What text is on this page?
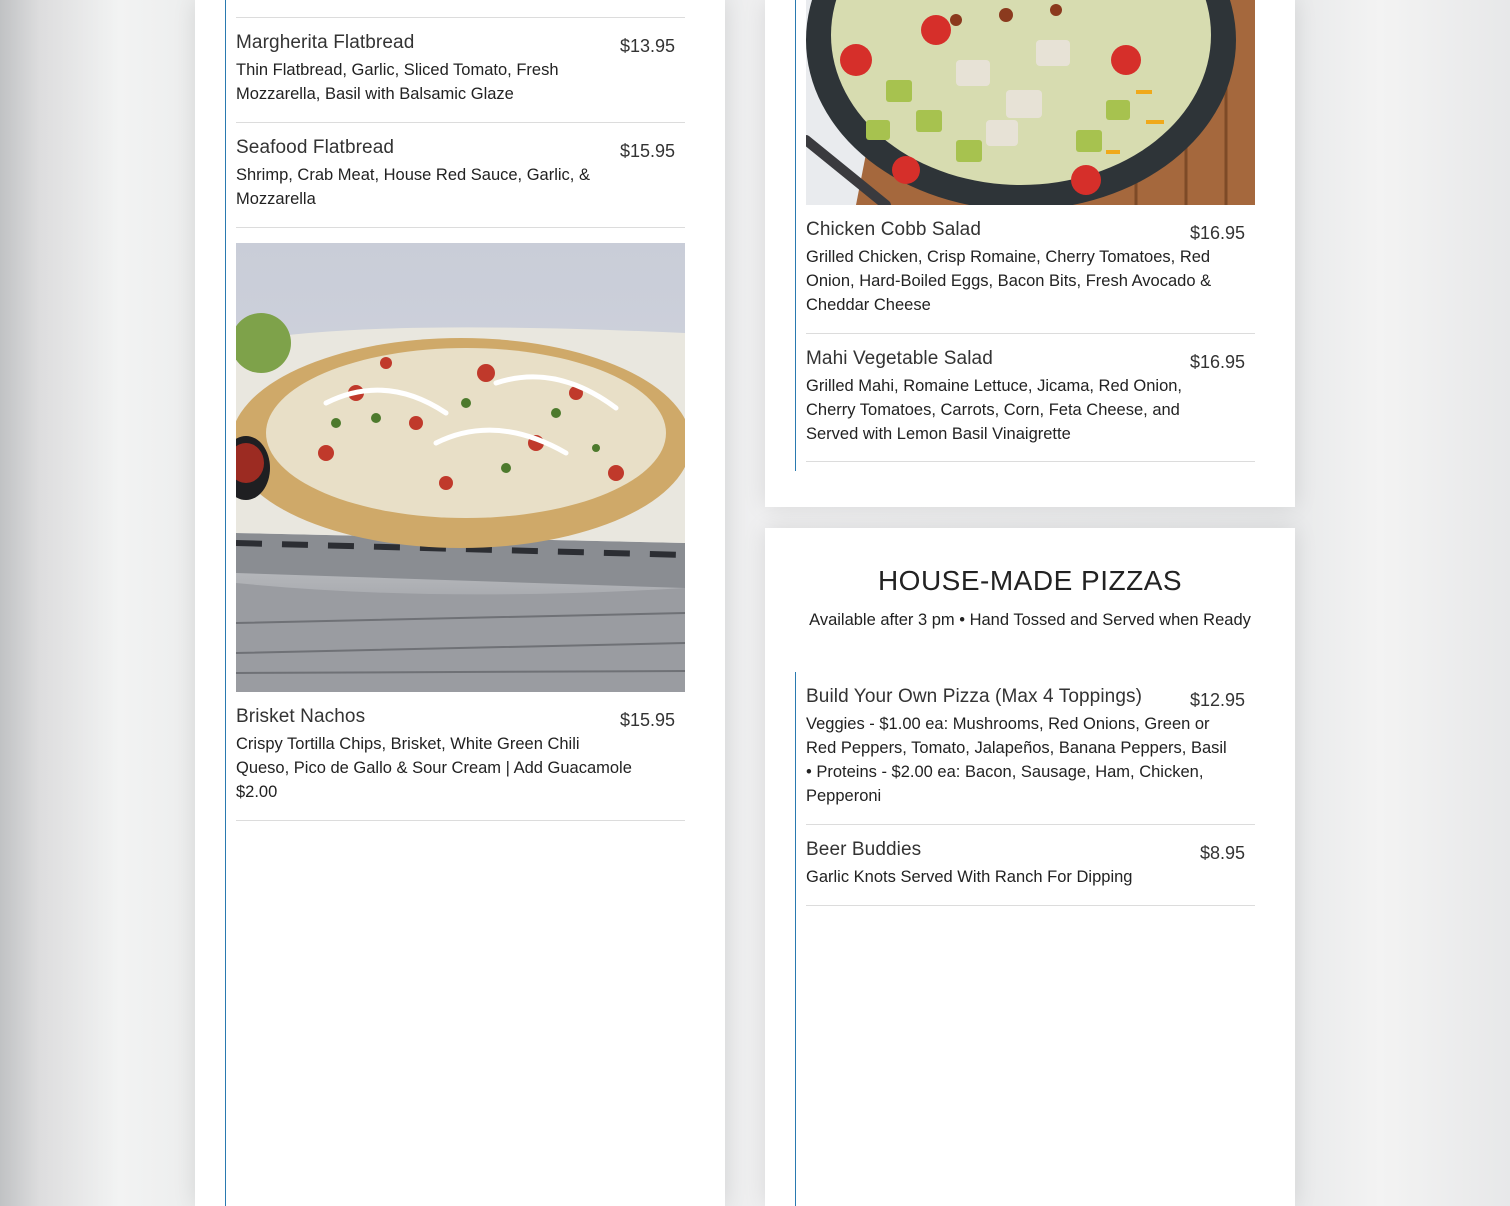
Margherita Flatbread	$13.95
Thin Flatbread, Garlic, Sliced Tomato, Fresh Mozzarella, Basil with Balsamic Glaze
Seafood Flatbread	$15.95
Shrimp, Crab Meat, House Red Sauce, Garlic, & Mozzarella
Brisket Nachos	$15.95
Crispy Tortilla Chips, Brisket, White Green Chili Queso, Pico de Gallo & Sour Cream | Add Guacamole $2.00
Chicken Cobb Salad	$16.95
Grilled Chicken, Crisp Romaine, Cherry Tomatoes, Red Onion, Hard-Boiled Eggs, Bacon Bits, Fresh Avocado & Cheddar Cheese
Mahi Vegetable Salad	$16.95
Grilled Mahi, Romaine Lettuce, Jicama, Red Onion, Cherry Tomatoes, Carrots, Corn, Feta Cheese, and Served with Lemon Basil Vinaigrette
HOUSE-MADE PIZZAS
Available after 3 pm • Hand Tossed and Served when Ready
Build Your Own Pizza (Max 4 Toppings)	$12.95
Veggies - $1.00 ea: Mushrooms, Red Onions, Green or Red Peppers, Tomato, Jalapeños, Banana Peppers, Basil • Proteins - $2.00 ea: Bacon, Sausage, Ham, Chicken, Pepperoni
Beer Buddies	$8.95
Garlic Knots Served With Ranch For Dipping
